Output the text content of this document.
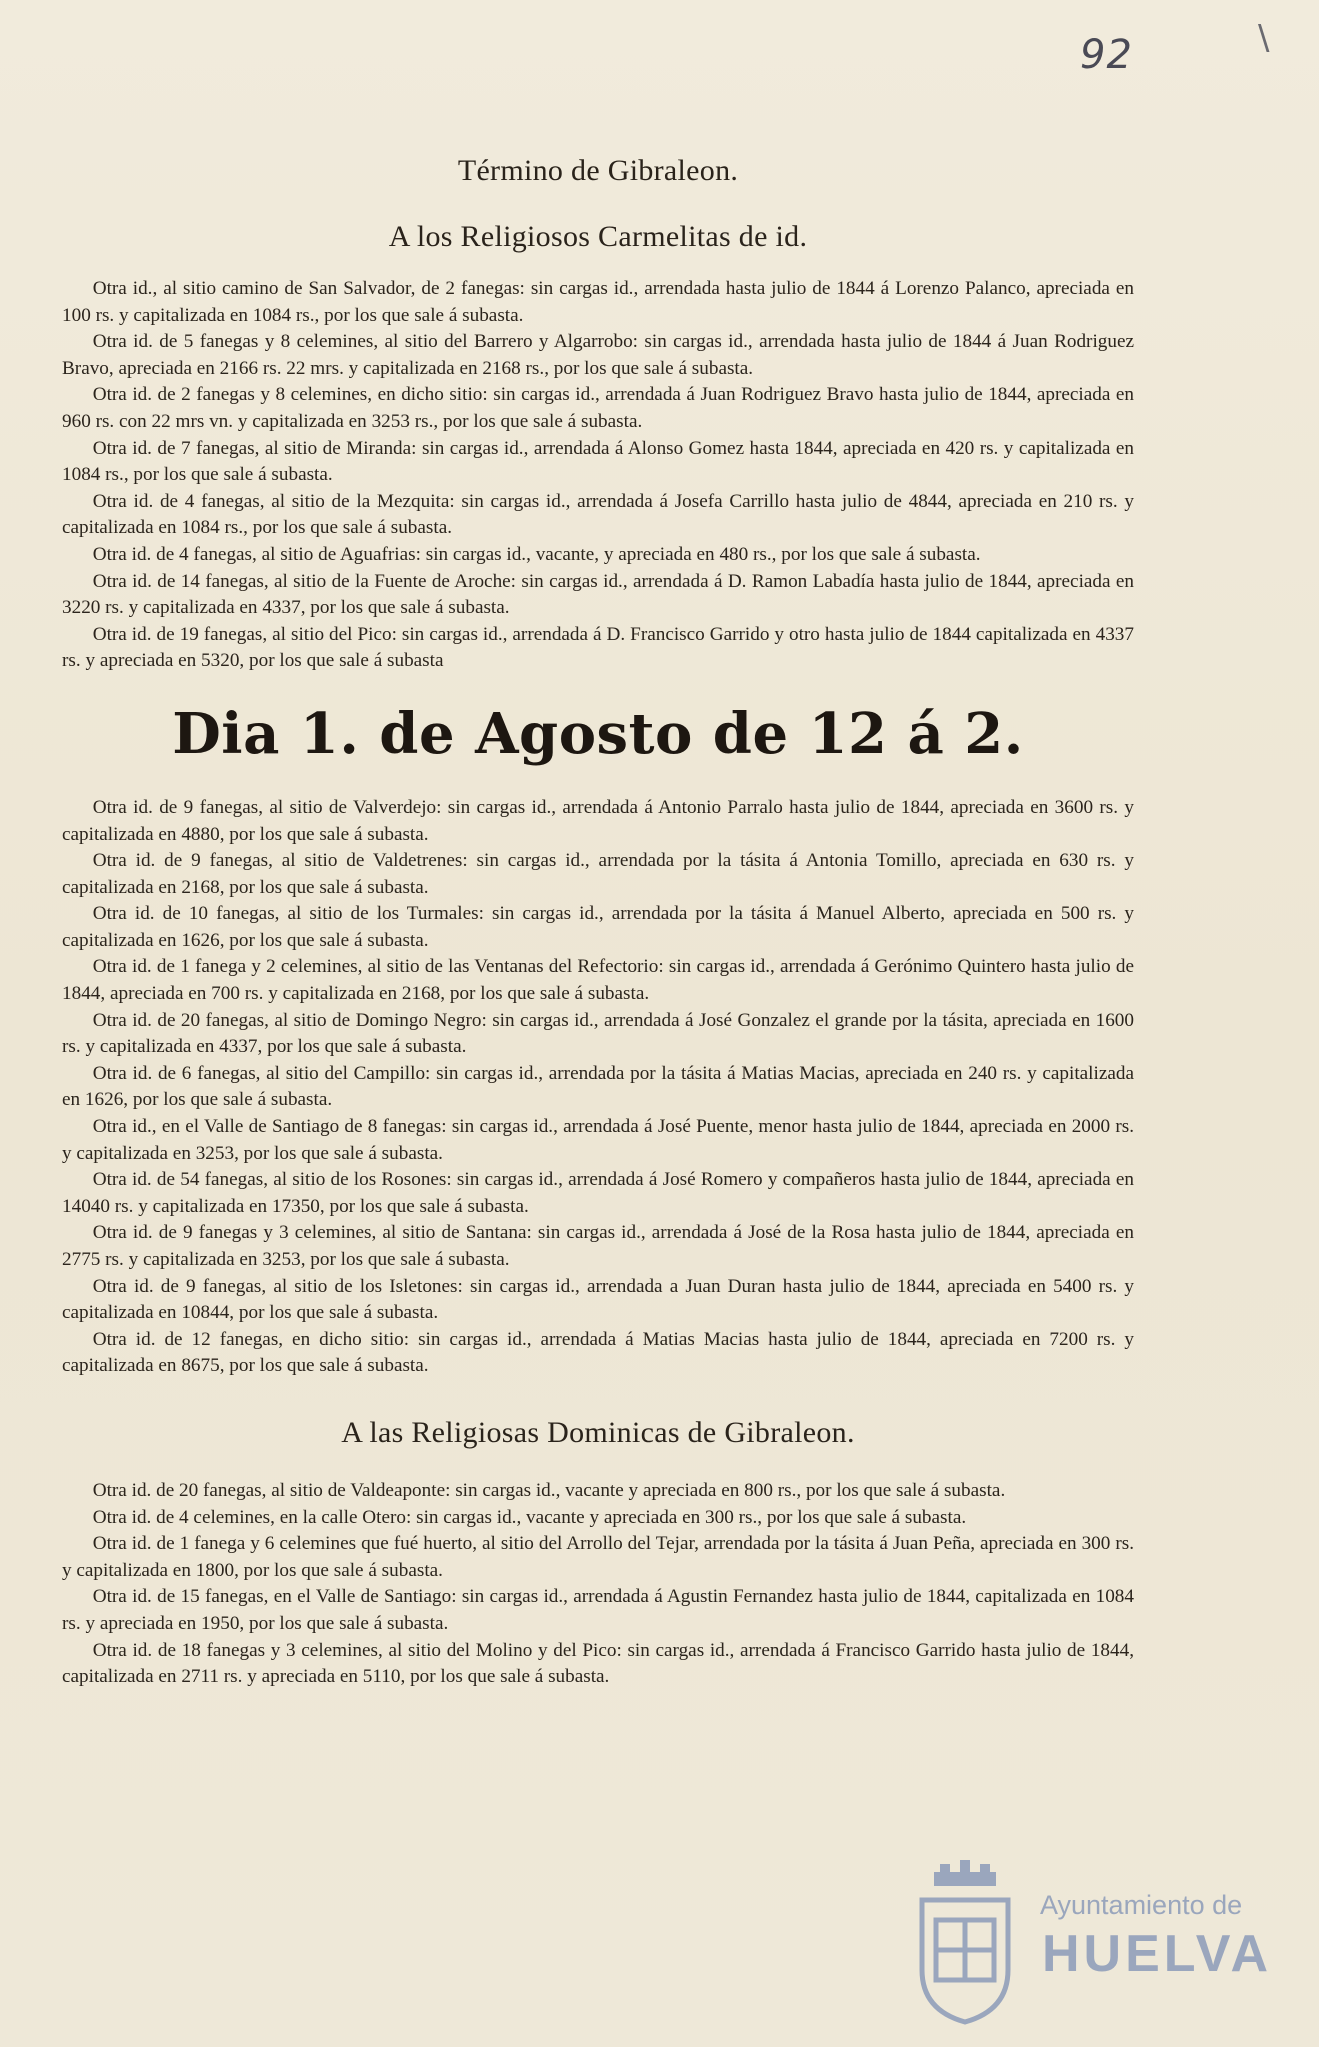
92	\

Término de Gibraleon.

A los Religiosos Carmelitas de id.

Otra id., al sitio camino de San Salvador, de 2 fanegas: sin cargas id., arrendada hasta julio de 1844 á Lorenzo Palanco, apreciada en 100 rs. y capitalizada en 1084 rs., por los que sale á subasta.

Otra id. de 5 fanegas y 8 celemines, al sitio del Barrero y Algarrobo: sin cargas id., arrendada hasta julio de 1844 á Juan Rodriguez Bravo, apreciada en 2166 rs. 22 mrs. y capitalizada en 2168 rs., por los que sale á subasta.

Otra id. de 2 fanegas y 8 celemines, en dicho sitio: sin cargas id., arrendada á Juan Rodriguez Bravo hasta julio de 1844, apreciada en 960 rs. con 22 mrs vn. y capitalizada en 3253 rs., por los que sale á subasta.

Otra id. de 7 fanegas, al sitio de Miranda: sin cargas id., arrendada á Alonso Gomez hasta 1844, apreciada en 420 rs. y capitalizada en 1084 rs., por los que sale á subasta.

Otra id. de 4 fanegas, al sitio de la Mezquita: sin cargas id., arrendada á Josefa Carrillo hasta julio de 4844, apreciada en 210 rs. y capitalizada en 1084 rs., por los que sale á subasta.

Otra id. de 4 fanegas, al sitio de Aguafrias: sin cargas id., vacante, y apreciada en 480 rs., por los que sale á subasta.

Otra id. de 14 fanegas, al sitio de la Fuente de Aroche: sin cargas id., arrendada á D. Ramon Labadía hasta julio de 1844, apreciada en 3220 rs. y capitalizada en 4337, por los que sale á subasta.

Otra id. de 19 fanegas, al sitio del Pico: sin cargas id., arrendada á D. Francisco Garrido y otro hasta julio de 1844 capitalizada en 4337 rs. y apreciada en 5320, por los que sale á subasta

Dia 1. de Agosto de 12 á 2.

Otra id. de 9 fanegas, al sitio de Valverdejo: sin cargas id., arrendada á Antonio Parralo hasta julio de 1844, apreciada en 3600 rs. y capitalizada en 4880, por los que sale á subasta.

Otra id. de 9 fanegas, al sitio de Valdetrenes: sin cargas id., arrendada por la tásita á Antonia Tomillo, apreciada en 630 rs. y capitalizada en 2168, por los que sale á subasta.

Otra id. de 10 fanegas, al sitio de los Turmales: sin cargas id., arrendada por la tásita á Manuel Alberto, apreciada en 500 rs. y capitalizada en 1626, por los que sale á subasta.

Otra id. de 1 fanega y 2 celemines, al sitio de las Ventanas del Refectorio: sin cargas id., arrendada á Gerónimo Quintero hasta julio de 1844, apreciada en 700 rs. y capitalizada en 2168, por los que sale á subasta.

Otra id. de 20 fanegas, al sitio de Domingo Negro: sin cargas id., arrendada á José Gonzalez el grande por la tásita, apreciada en 1600 rs. y capitalizada en 4337, por los que sale á subasta.

Otra id. de 6 fanegas, al sitio del Campillo: sin cargas id., arrendada por la tásita á Matias Macias, apreciada en 240 rs. y capitalizada en 1626, por los que sale á subasta.

Otra id., en el Valle de Santiago de 8 fanegas: sin cargas id., arrendada á José Puente, menor hasta julio de 1844, apreciada en 2000 rs. y capitalizada en 3253, por los que sale á subasta.

Otra id. de 54 fanegas, al sitio de los Rosones: sin cargas id., arrendada á José Romero y compañeros hasta julio de 1844, apreciada en 14040 rs. y capitalizada en 17350, por los que sale á subasta.

Otra id. de 9 fanegas y 3 celemines, al sitio de Santana: sin cargas id., arrendada á José de la Rosa hasta julio de 1844, apreciada en 2775 rs. y capitalizada en 3253, por los que sale á subasta.

Otra id. de 9 fanegas, al sitio de los Isletones: sin cargas id., arrendada a Juan Duran hasta julio de 1844, apreciada en 5400 rs. y capitalizada en 10844, por los que sale á subasta.

Otra id. de 12 fanegas, en dicho sitio: sin cargas id., arrendada á Matias Macias hasta julio de 1844, apreciada en 7200 rs. y capitalizada en 8675, por los que sale á subasta.

A las Religiosas Dominicas de Gibraleon.

Otra id. de 20 fanegas, al sitio de Valdeaponte: sin cargas id., vacante y apreciada en 800 rs., por los que sale á subasta.

Otra id. de 4 celemines, en la calle Otero: sin cargas id., vacante y apreciada en 300 rs., por los que sale á subasta.

Otra id. de 1 fanega y 6 celemines que fué huerto, al sitio del Arrollo del Tejar, arrendada por la tásita á Juan Peña, apreciada en 300 rs. y capitalizada en 1800, por los que sale á subasta.

Otra id. de 15 fanegas, en el Valle de Santiago: sin cargas id., arrendada á Agustin Fernandez hasta julio de 1844, capitalizada en 1084 rs. y apreciada en 1950, por los que sale á subasta.

Otra id. de 18 fanegas y 3 celemines, al sitio del Molino y del Pico: sin cargas id., arrendada á Francisco Garrido hasta julio de 1844, capitalizada en 2711 rs. y apreciada en 5110, por los que sale á subasta.

Ayuntamiento de
HUELVA
